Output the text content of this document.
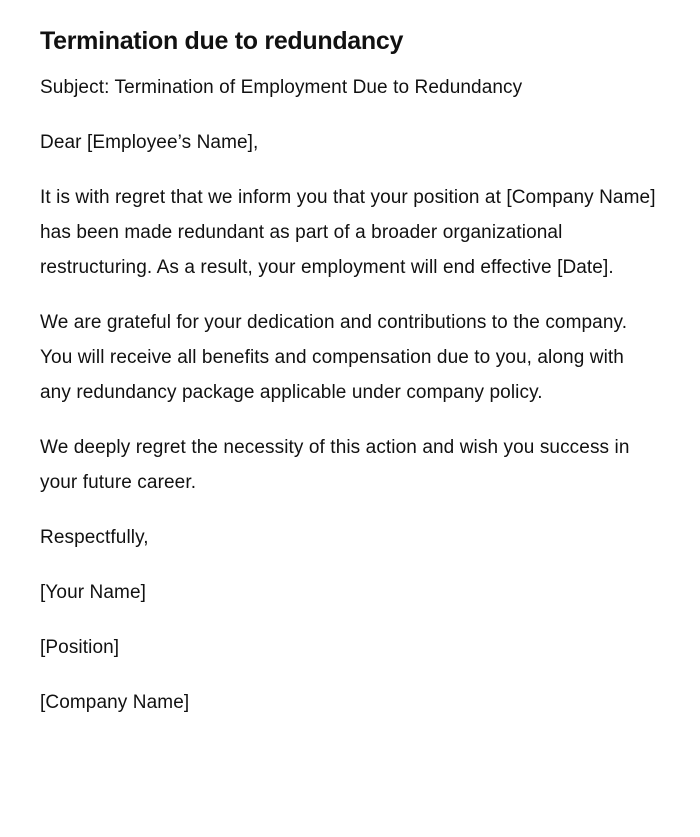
Termination due to redundancy

Subject: Termination of Employment Due to Redundancy

Dear [Employee’s Name],

It is with regret that we inform you that your position at [Company Name] has been made redundant as part of a broader organizational restructuring. As a result, your employment will end effective [Date].

We are grateful for your dedication and contributions to the company. You will receive all benefits and compensation due to you, along with any redundancy package applicable under company policy.

We deeply regret the necessity of this action and wish you success in your future career.

Respectfully,

[Your Name]

[Position]

[Company Name]
